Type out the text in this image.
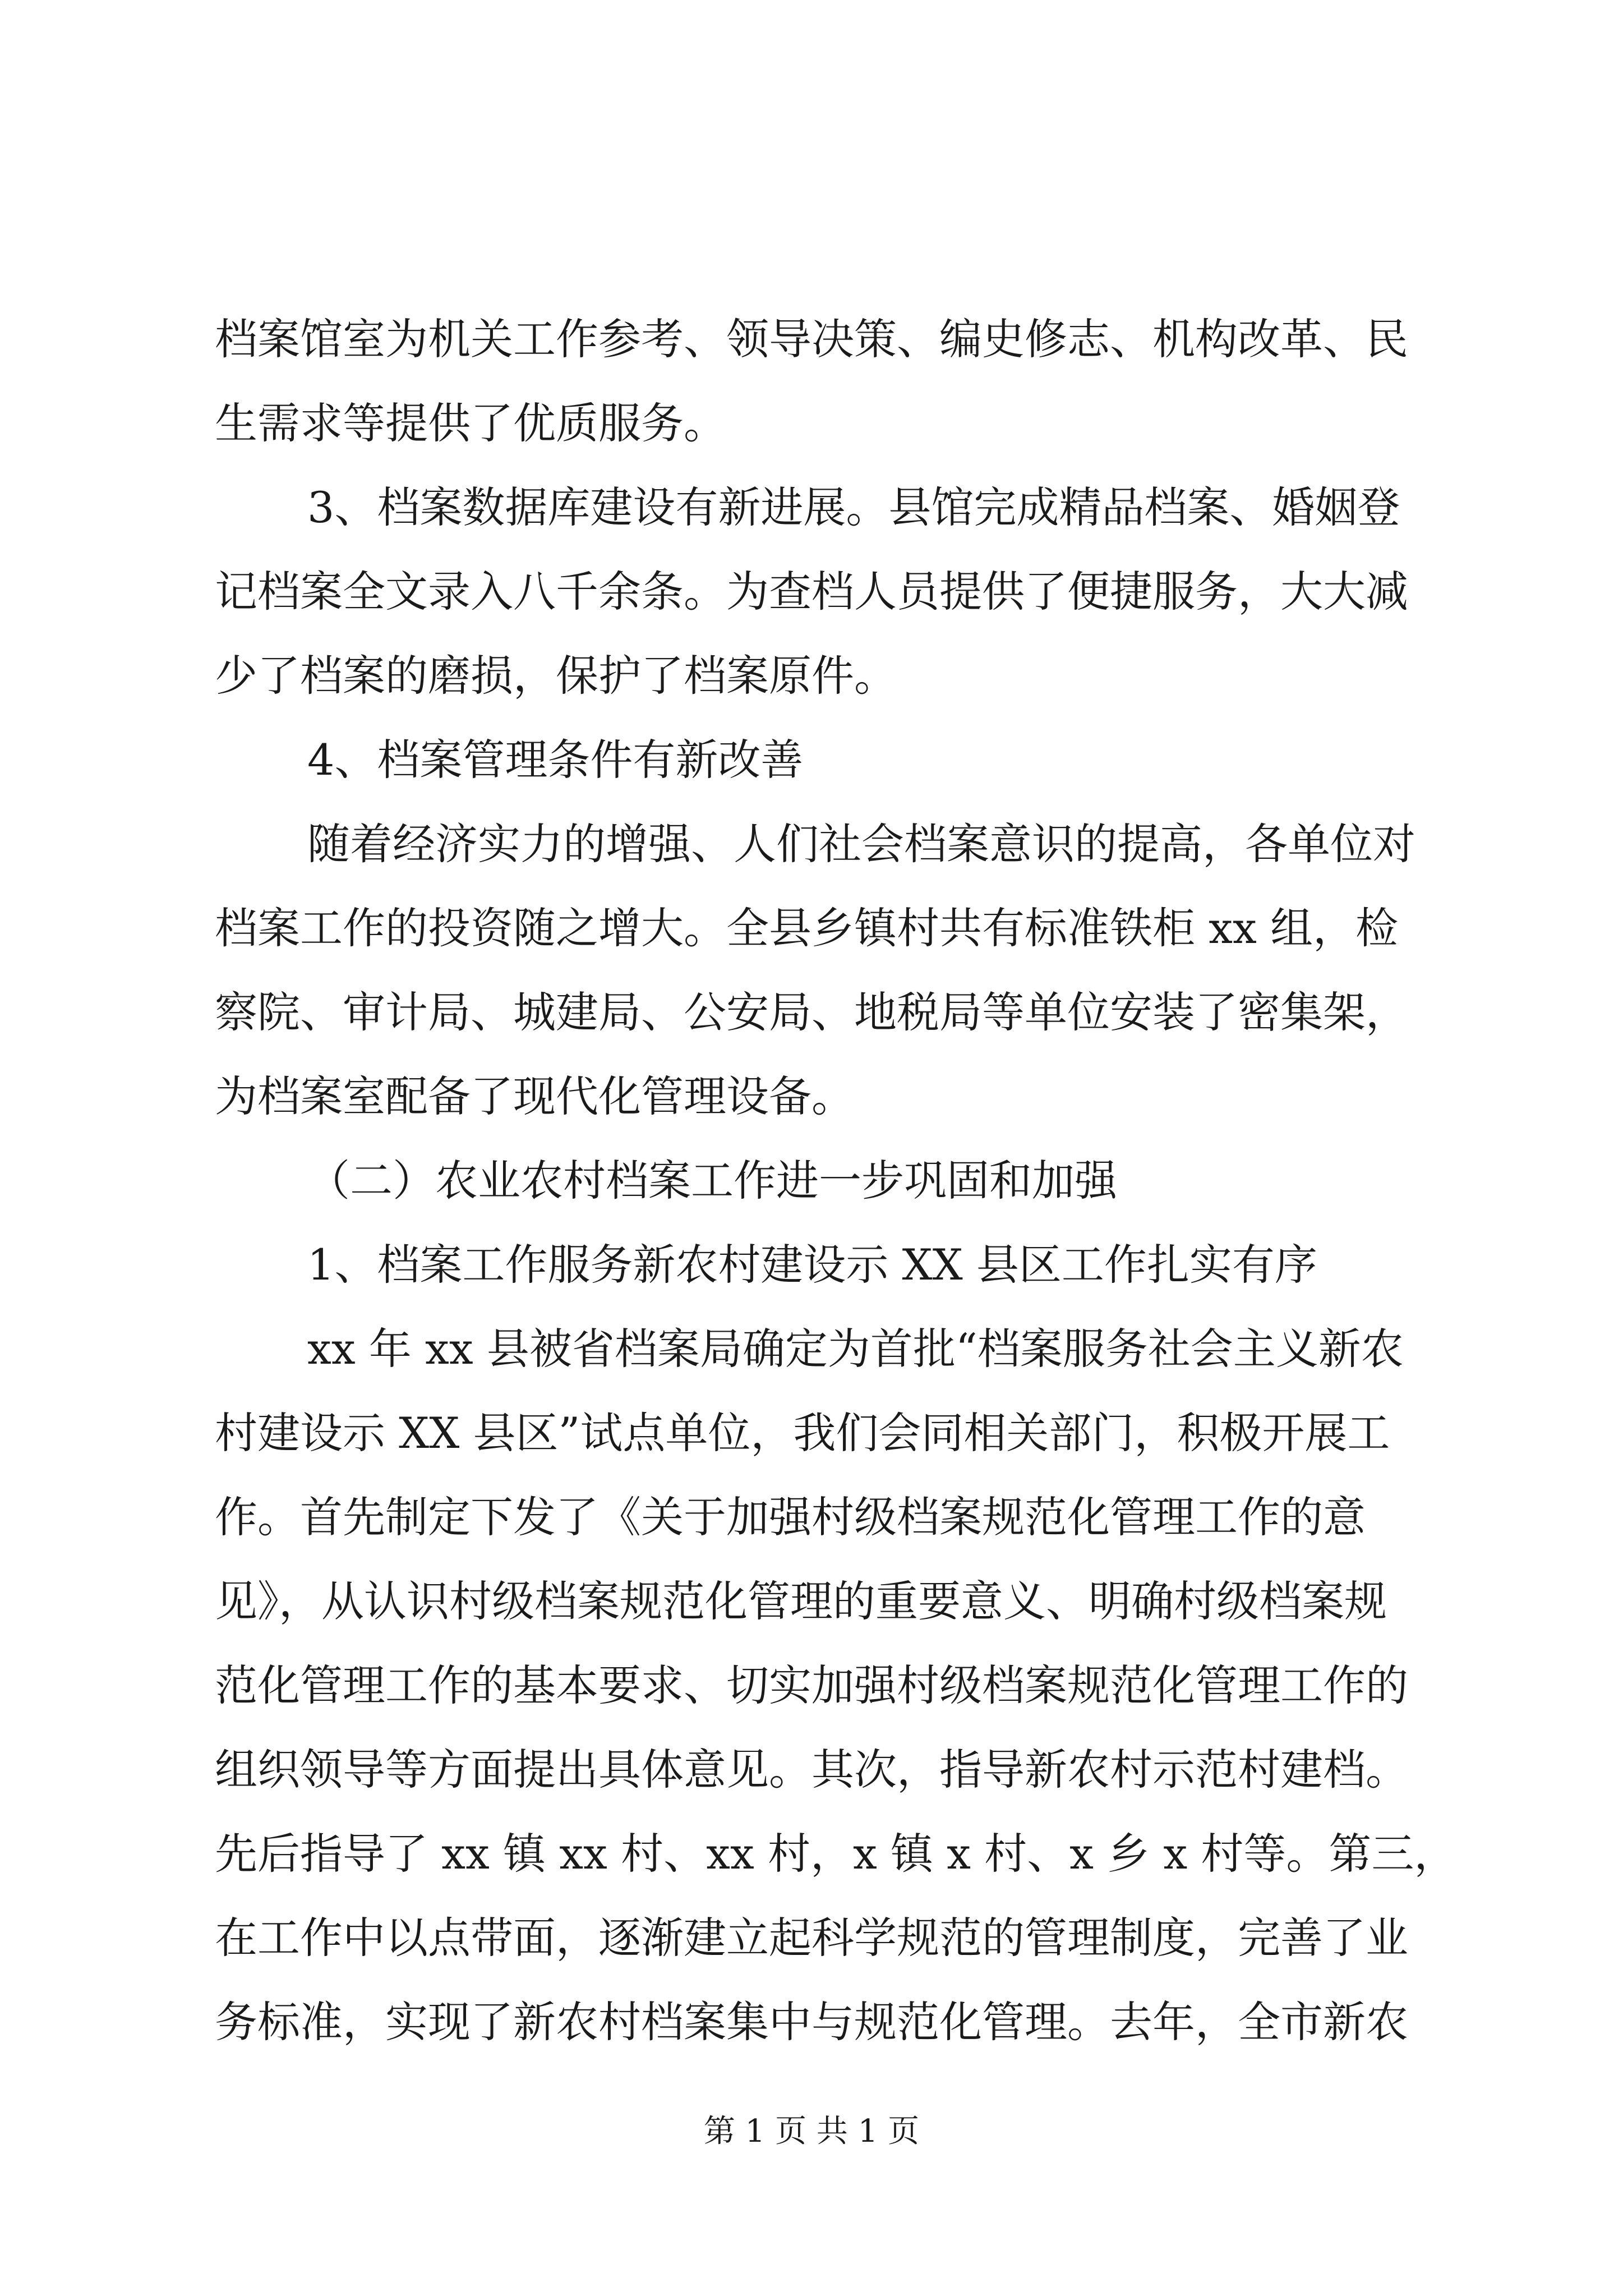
档案馆室为机关工作参考、领导决策、编史修志、机构改革、民
生需求等提供了优质服务。
3、档案数据库建设有新进展。县馆完成精品档案、婚姻登
记档案全文录入八千余条。为查档人员提供了便捷服务，大大减
少了档案的磨损，保护了档案原件。
4、档案管理条件有新改善
随着经济实力的增强、人们社会档案意识的提高，各单位对
档案工作的投资随之增大。全县乡镇村共有标准铁柜 xx 组，检
察院、审计局、城建局、公安局、地税局等单位安装了密集架，
为档案室配备了现代化管理设备。
（二）农业农村档案工作进一步巩固和加强
1、档案工作服务新农村建设示 XX 县区工作扎实有序
xx 年 xx 县被省档案局确定为首批“档案服务社会主义新农
村建设示 XX 县区”试点单位，我们会同相关部门，积极开展工
作。首先制定下发了《关于加强村级档案规范化管理工作的意
见》，从认识村级档案规范化管理的重要意义、明确村级档案规
范化管理工作的基本要求、切实加强村级档案规范化管理工作的
组织领导等方面提出具体意见。其次，指导新农村示范村建档。
先后指导了 xx 镇 xx 村、xx 村，x 镇 x 村、x 乡 x 村等。第三，
在工作中以点带面，逐渐建立起科学规范的管理制度，完善了业
务标准，实现了新农村档案集中与规范化管理。去年，全市新农
第 1 页 共 1 页
